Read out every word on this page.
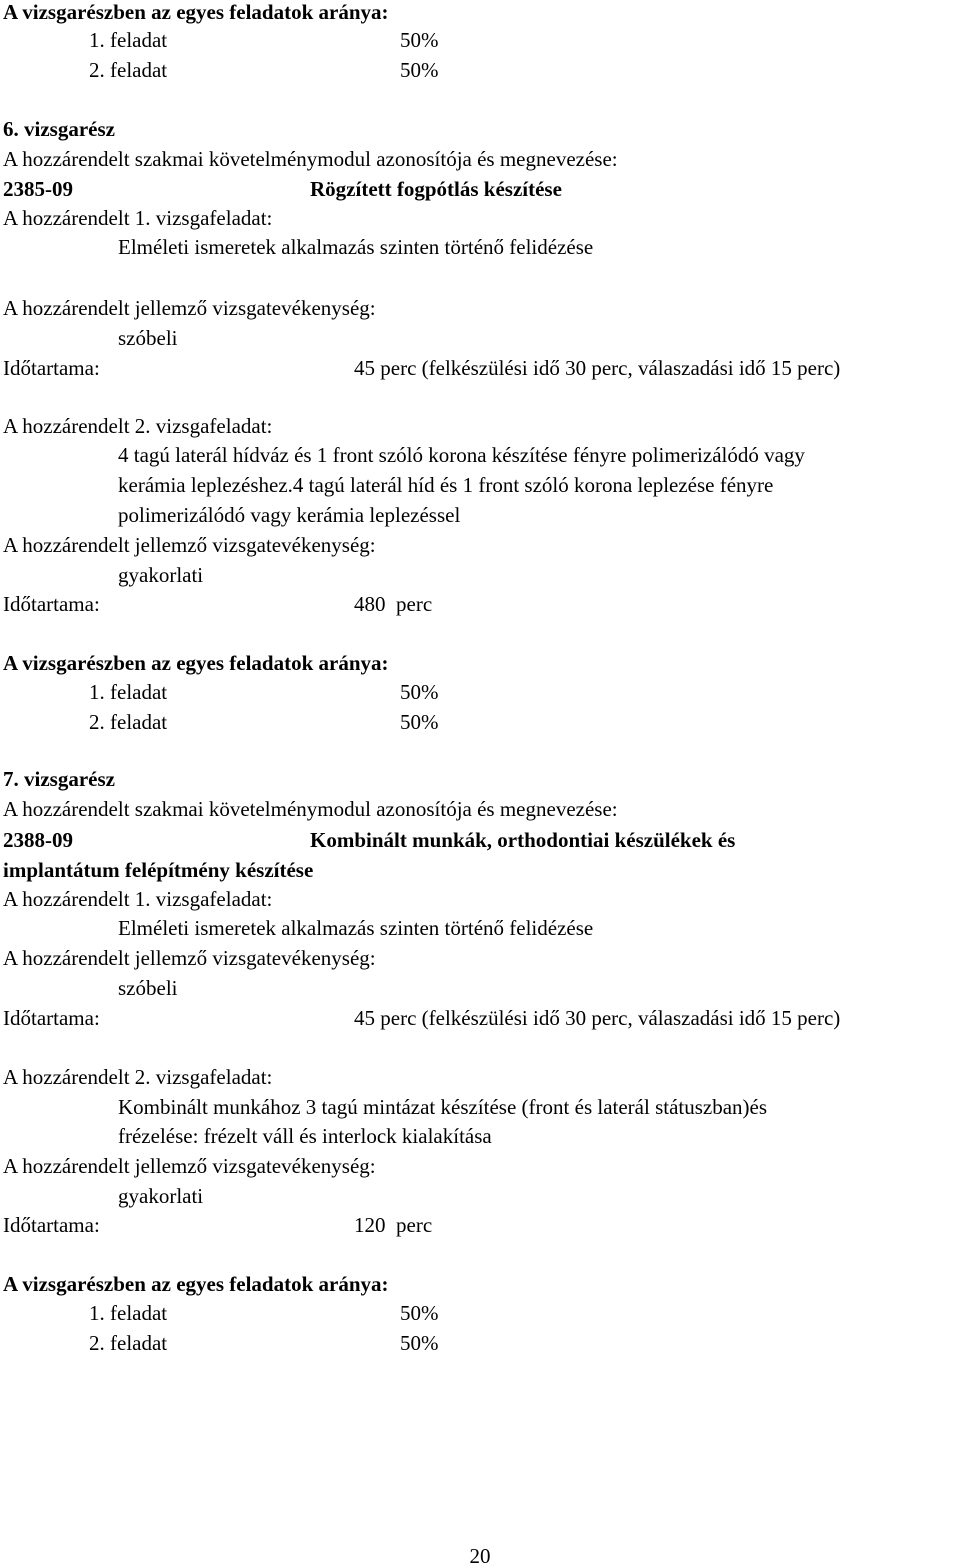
A vizsgarészben az egyes feladatok aránya:
1. feladat	50%
2. feladat	50%
6. vizsgarész
A hozzárendelt szakmai követelménymodul azonosítója és megnevezése:
2385-09	Rögzített fogpótlás készítése
A hozzárendelt 1. vizsgafeladat:
Elméleti ismeretek alkalmazás szinten történő felidézése
A hozzárendelt jellemző vizsgatevékenység:
szóbeli
Időtartama:	45 perc (felkészülési idő 30 perc, válaszadási idő 15 perc)
A hozzárendelt 2. vizsgafeladat:
4 tagú laterál hídváz és 1 front szóló korona készítése fényre polimerizálódó vagy
kerámia leplezéshez.4 tagú laterál híd és 1 front szóló korona leplezése fényre
polimerizálódó vagy kerámia leplezéssel
A hozzárendelt jellemző vizsgatevékenység:
gyakorlati
Időtartama:	480  perc
A vizsgarészben az egyes feladatok aránya:
1. feladat	50%
2. feladat	50%
7. vizsgarész
A hozzárendelt szakmai követelménymodul azonosítója és megnevezése:
2388-09	Kombinált munkák, orthodontiai készülékek és
implantátum felépítmény készítése
A hozzárendelt 1. vizsgafeladat:
Elméleti ismeretek alkalmazás szinten történő felidézése
A hozzárendelt jellemző vizsgatevékenység:
szóbeli
Időtartama:	45 perc (felkészülési idő 30 perc, válaszadási idő 15 perc)
A hozzárendelt 2. vizsgafeladat:
Kombinált munkához 3 tagú mintázat készítése (front és laterál státuszban)és
frézelése: frézelt váll és interlock kialakítása
A hozzárendelt jellemző vizsgatevékenység:
gyakorlati
Időtartama:	120  perc
A vizsgarészben az egyes feladatok aránya:
1. feladat	50%
2. feladat	50%
20
